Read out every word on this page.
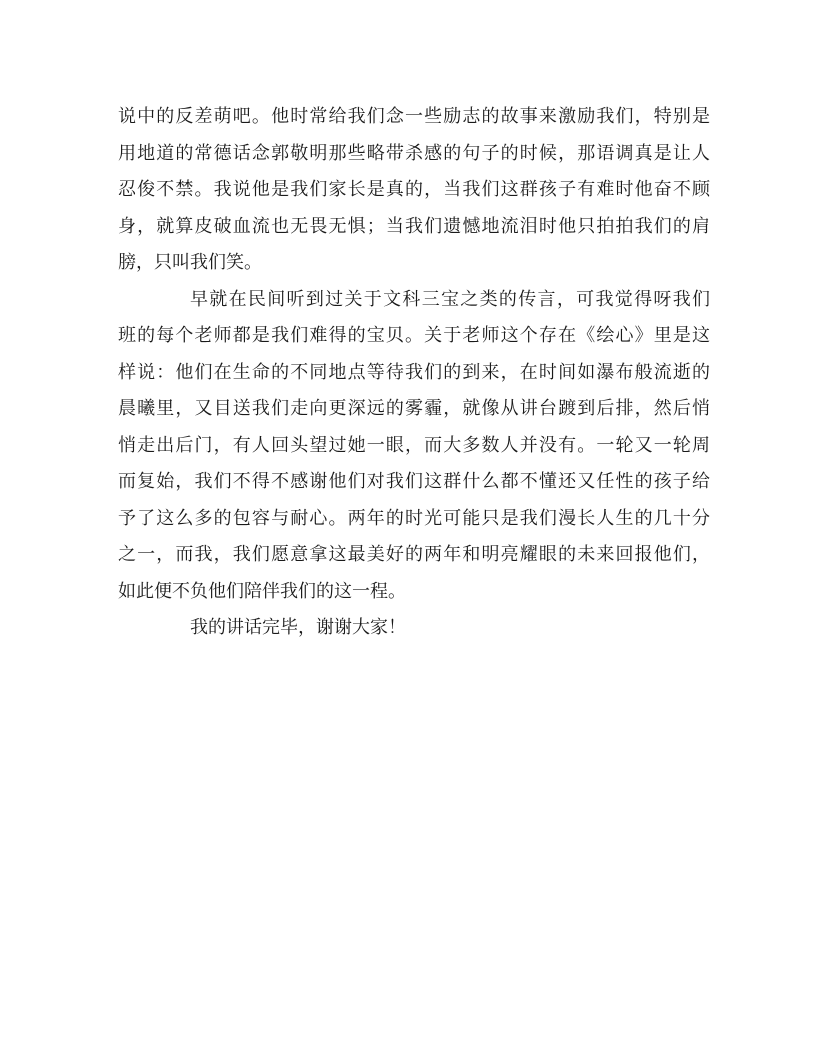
说中的反差萌吧。他时常给我们念一些励志的故事来激励我们，特别是
用地道的常德话念郭敬明那些略带杀感的句子的时候，那语调真是让人
忍俊不禁。我说他是我们家长是真的，当我们这群孩子有难时他奋不顾
身，就算皮破血流也无畏无惧；当我们遗憾地流泪时他只拍拍我们的肩
膀，只叫我们笑。
早就在民间听到过关于文科三宝之类的传言，可我觉得呀我们
班的每个老师都是我们难得的宝贝。关于老师这个存在《绘心》里是这
样说：他们在生命的不同地点等待我们的到来，在时间如瀑布般流逝的
晨曦里，又目送我们走向更深远的雾霾，就像从讲台踱到后排，然后悄
悄走出后门，有人回头望过她一眼，而大多数人并没有。一轮又一轮周
而复始，我们不得不感谢他们对我们这群什么都不懂还又任性的孩子给
予了这么多的包容与耐心。两年的时光可能只是我们漫长人生的几十分
之一，而我，我们愿意拿这最美好的两年和明亮耀眼的未来回报他们，
如此便不负他们陪伴我们的这一程。
我的讲话完毕，谢谢大家！
